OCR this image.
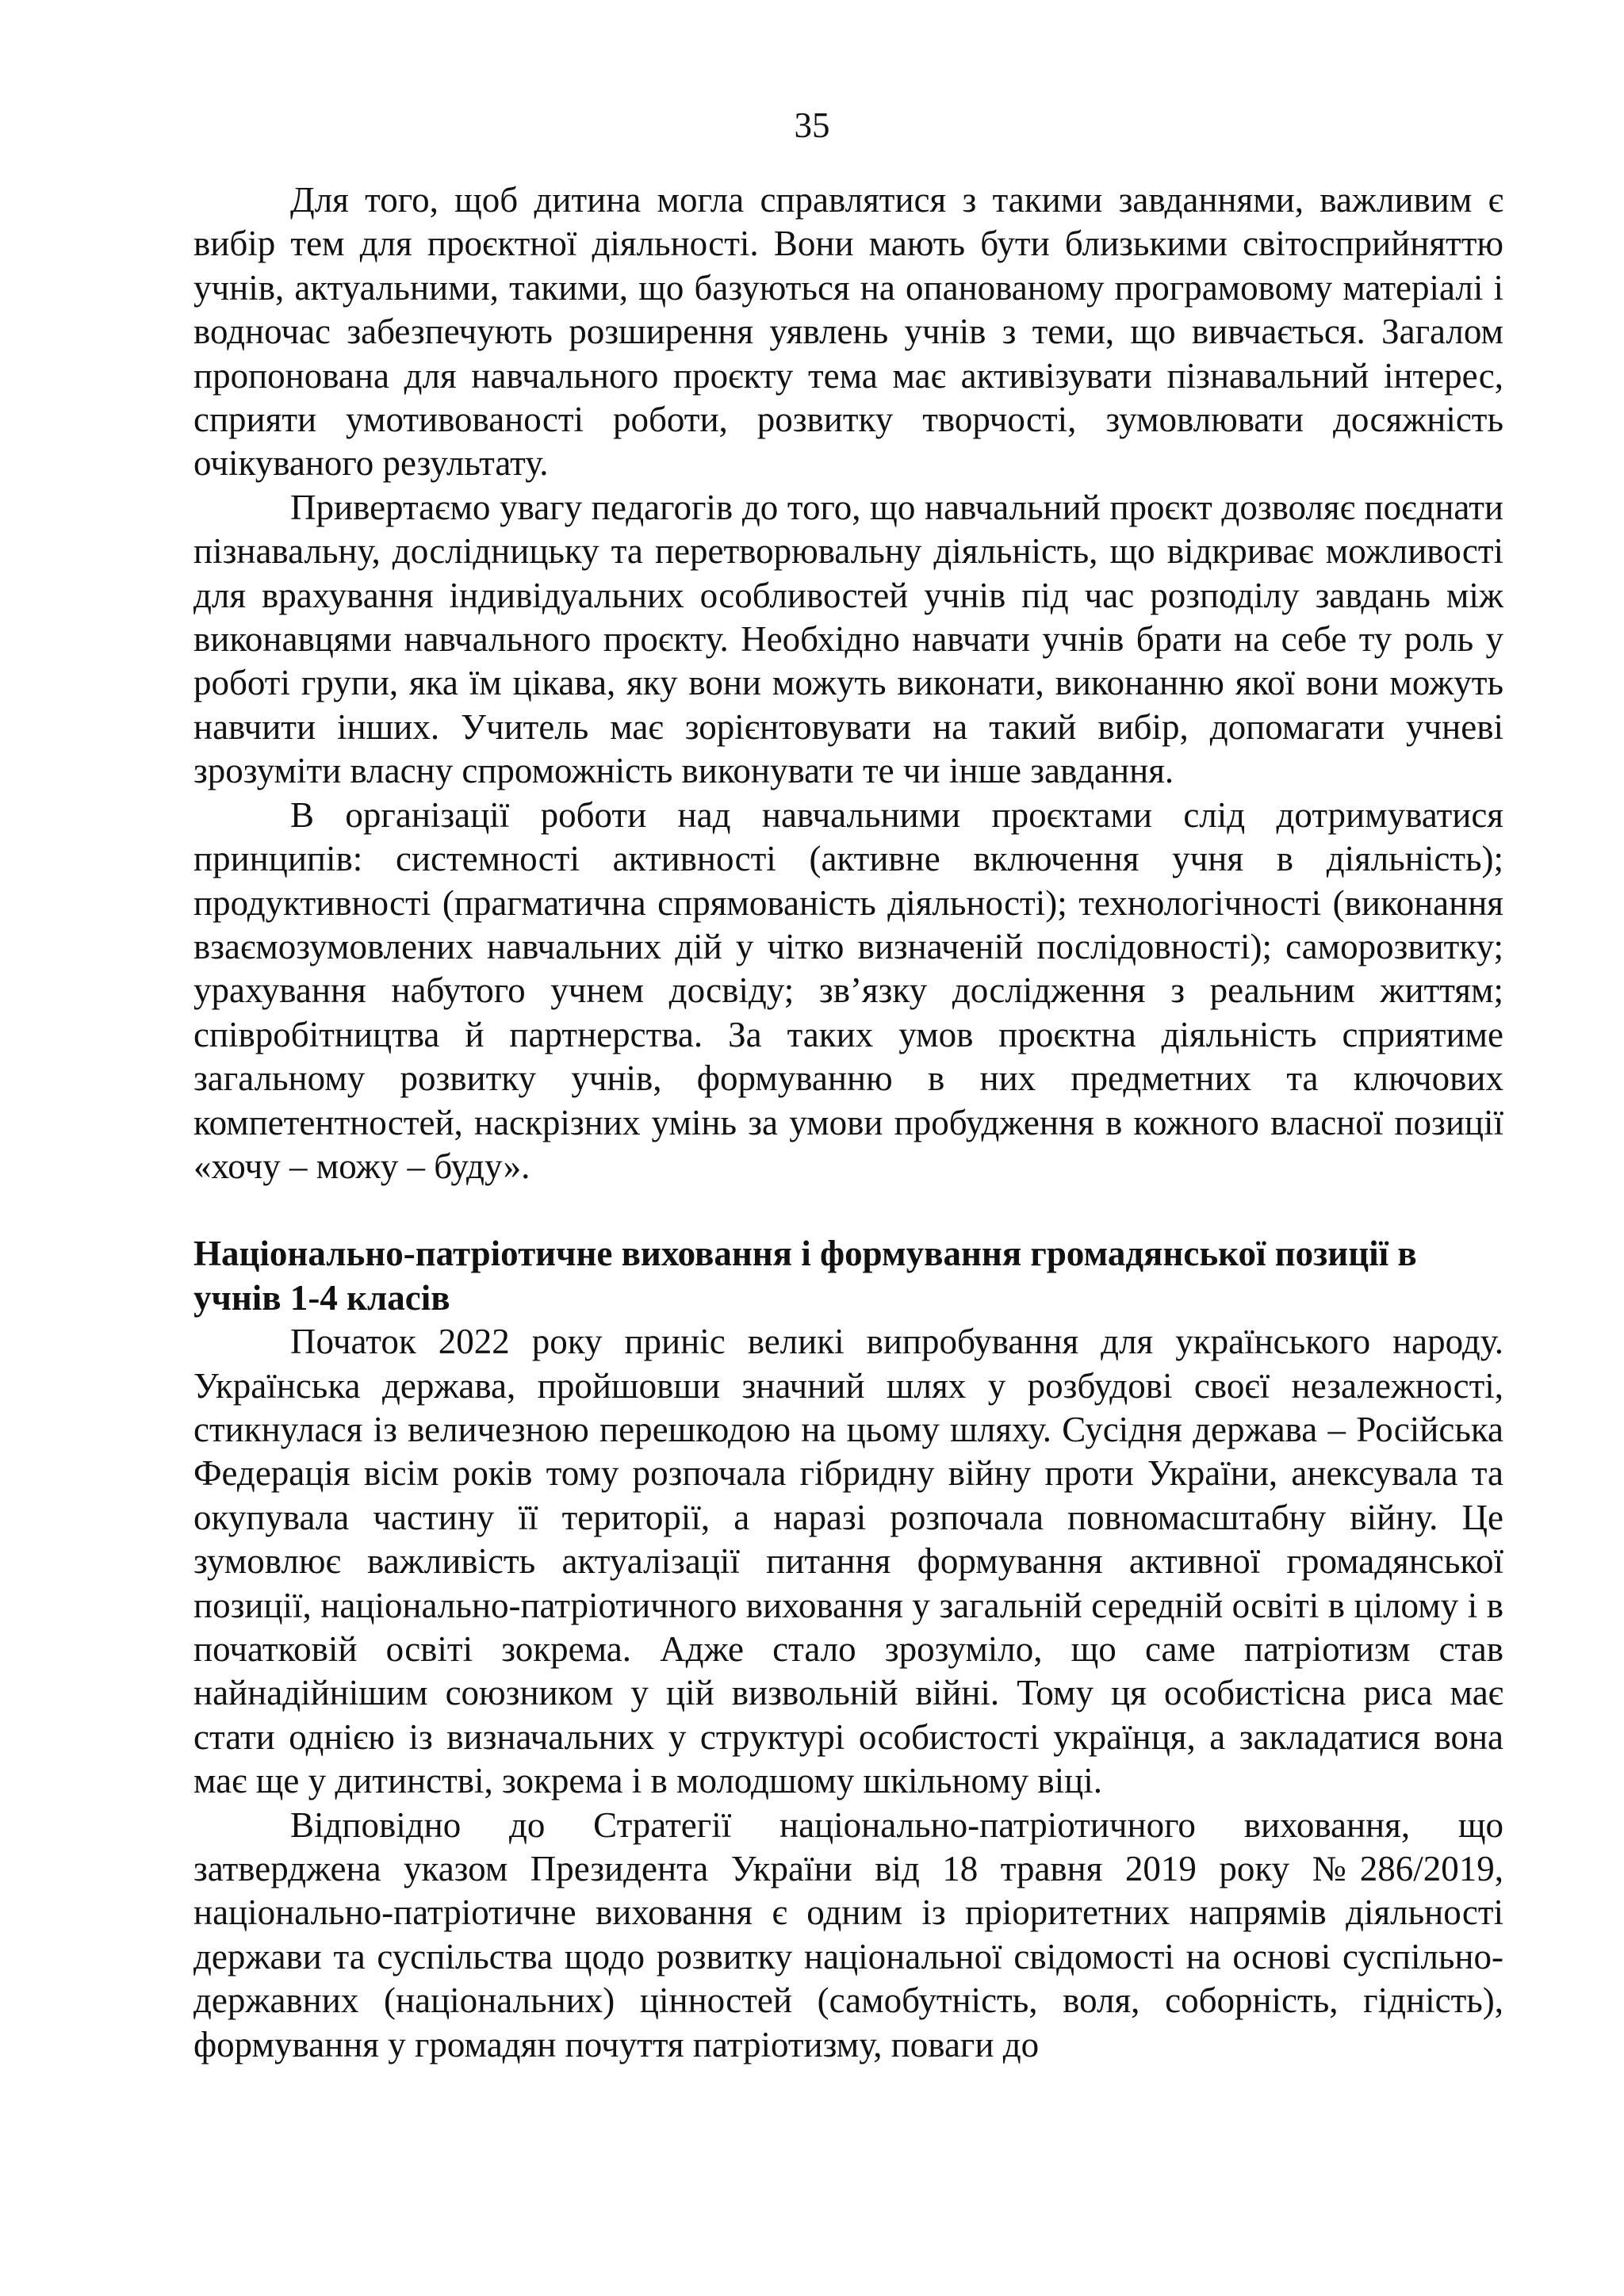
35

Для того, щоб дитина могла справлятися з такими завданнями, важливим є вибір тем для проєктної діяльності. Вони мають бути близькими світосприйняттю учнів, актуальними, такими, що базуються на опанованому програмовому матеріалі і водночас забезпечують розширення уявлень учнів з теми, що вивчається. Загалом пропонована для навчального проєкту тема має активізувати пізнавальний інтерес, сприяти умотивованості роботи, розвитку творчості, зумовлювати досяжність очікуваного результату.

Привертаємо увагу педагогів до того, що навчальний проєкт дозволяє поєднати пізнавальну, дослідницьку та перетворювальну діяльність, що відкриває можливості для врахування індивідуальних особливостей учнів під час розподілу завдань між виконавцями навчального проєкту. Необхідно навчати учнів брати на себе ту роль у роботі групи, яка їм цікава, яку вони можуть виконати, виконанню якої вони можуть навчити інших. Учитель має зорієнтовувати на такий вибір, допомагати учневі зрозуміти власну спроможність виконувати те чи інше завдання.

В організації роботи над навчальними проєктами слід дотримуватися принципів: системності активності (активне включення учня в діяльність); продуктивності (прагматична спрямованість діяльності); технологічності (виконання взаємозумовлених навчальних дій у чітко визначеній послідовності); саморозвитку; урахування набутого учнем досвіду; зв’язку дослідження з реальним життям; співробітництва й партнерства. За таких умов проєктна діяльність сприятиме загальному розвитку учнів, формуванню в них предметних та ключових компетентностей, наскрізних умінь за умови пробудження в кожного власної позиції «хочу – можу – буду».

Національно-патріотичне виховання і формування громадянської позиції в учнів 1-4 класів

Початок 2022 року приніс великі випробування для українського народу. Українська держава, пройшовши значний шлях у розбудові своєї незалежності, стикнулася із величезною перешкодою на цьому шляху. Сусідня держава – Російська Федерація вісім років тому розпочала гібридну війну проти України, анексувала та окупувала частину її території, а наразі розпочала повномасштабну війну. Це зумовлює важливість актуалізації питання формування активної громадянської позиції, національно-патріотичного виховання у загальній середній освіті в цілому і в початковій освіті зокрема. Адже стало зрозуміло, що саме патріотизм став найнадійнішим союзником у цій визвольній війні. Тому ця особистісна риса має стати однією із визначальних у структурі особистості українця, а закладатися вона має ще у дитинстві, зокрема і в молодшому шкільному віці.

Відповідно до Стратегії національно-патріотичного виховання, що затверджена указом Президента України від 18 травня 2019 року №286/2019, національно-патріотичне виховання є одним із пріоритетних напрямів діяльності держави та суспільства щодо розвитку національної свідомості на основі суспільно-державних (національних) цінностей (самобутність, воля, соборність, гідність), формування у громадян почуття патріотизму, поваги до
